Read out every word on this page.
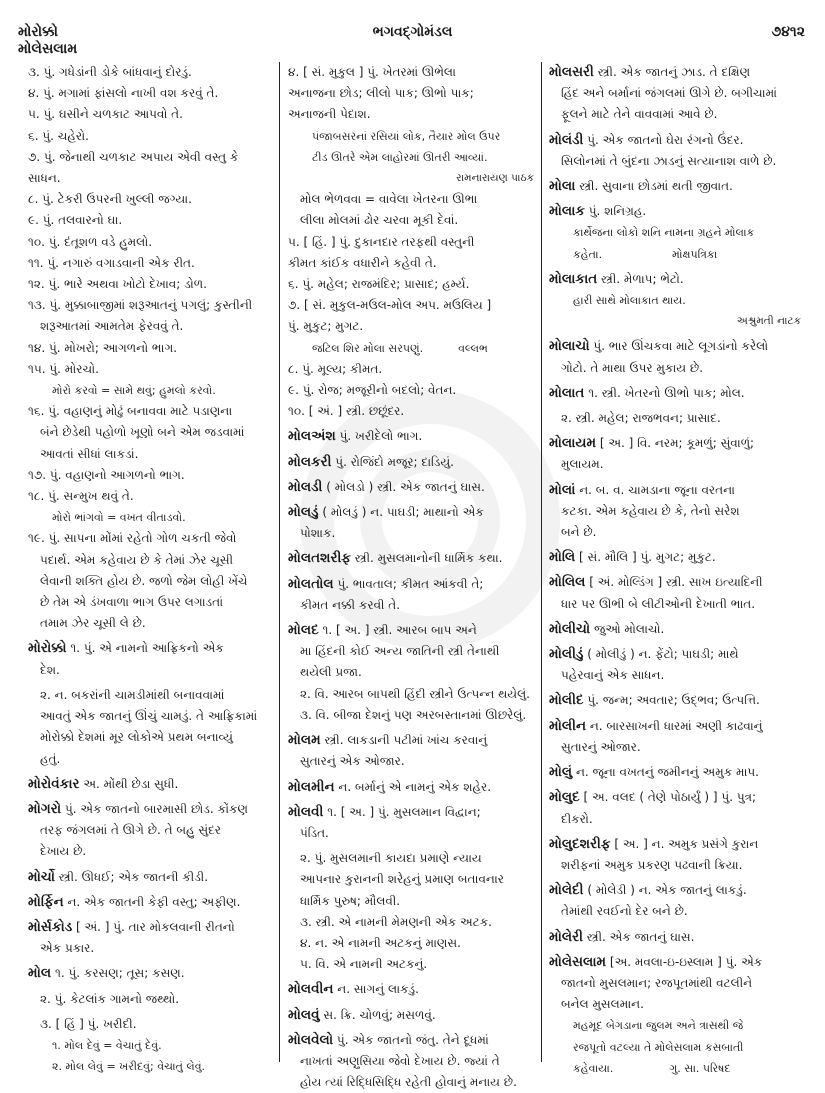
મોરોક્કો
મોલેસલામ
ભગવદ્ગોમંડલ	૭૪૧૨
૩. પું. ગધેડાંની ડોકે બાંધવાનું દોરડું.
૪. પું. મગામાં ફાંસલો નાખી વશ કરવું તે.
૫. પું. ઘસીને ચળકાટ આપવો તે.
૬. પું. ચહેરો.
૭. પું. જેનાથી ચળકાટ અપાય એવી વસ્તુ કે
સાધન.
૮. પું. ટેકરી ઉપરની ખુલ્લી જગ્યા.
૯. પું. તલવારનો ઘા.
૧૦. પું. દંતૂશળ વડે હુમલો.
૧૧. પું. નગારું વગાડવાની એક રીત.
૧૨. પું. ભારે અથવા ખોટો દેખાવ; ડોળ.
૧૩. પું. મુક્કાબાજીમાં શરૂઆતનું પગલું; કુસ્તીની
શરૂઆતમાં આમતેમ ફેરવવું તે.
૧૪. પું. મોખરો; આગળનો ભાગ.
૧૫. પું. મોરચો.
મોરો કરવો = સામે થવું; હુમલો કરવો.
૧૬. પું. વહાણનું મોઢું બનાવવા માટે પડાણના
બંને છેડેથી પહોળો ખૂણો બને એમ જડવામાં
આવતાં સીધાં લાકડાં.
૧૭. પું. વહાણનો આગળનો ભાગ.
૧૮. પું. સન્મુખ થવું તે.
મોરો ભાંગવો = વખત વીતાડવો.
૧૯. પું. સાપના મોંમાં રહેતો ગોળ ચકતી જેવો
પદાર્થ. એમ કહેવાય છે કે તેમાં ઝેર ચૂસી
લેવાની શક્તિ હોય છે. જળો જેમ લોહી ખેંચે
છે તેમ એ ડંખવાળા ભાગ ઉપર લગાડતાં
તમામ ઝેર ચૂસી લે છે.
મોરોક્કો ૧. પું. એ નામનો આફ્રિકનો એક
દેશ.
૨. ન. બકરાંની ચામડીમાંથી બનાવવામાં
આવતું એક જાતનું ઊંચું ચામડું. તે આફ્રિકામાં
મોરોક્કો દેશમાં મૂર લોકોએ પ્રથમ બનાવ્યું
હતું.
મોરોવંકાર અ. મોંથી છેડા સુધી.
મોગરો પું. એક જાતનો બારમાસી છોડ. કોંકણ
તરફ જંગલમાં તે ઊગે છે. તે બહુ સુંદર
દેખાય છે.
મોર્ચો સ્ત્રી. ઊધઈ; એક જાતની કીડી.
મોર્ફિન ન. એક જાતની કેફી વસ્તુ; અફીણ.
મોર્સકોડ [ અં. ] પું. તાર મોકલવાની રીતનો
એક પ્રકાર.
મોલ ૧. પું. કરસણ; તૂસ; કસણ.
૨. પું. કેટલાંક ગામનો જથ્થો.
૩. [ હિં ] પું. ખરીદી.
૧. મોલ દેવું = વેચાતું દેવું.
૨. મોલ લેવું = ખરીદવું; વેચાતું લેવું.
૪. [ સં. મુકુલ ] પું. ખેતરમાં ઊભેલા
અનાજના છોડ; લીલો પાક; ઊભો પાક;
અનાજની પેદાશ.
પંજાબસરનાં રસિયાં લોક, તૈયાર મોલ ઉપર
ટીડ ઊતરે એમ લાહોરમાં ઊતરી આવ્યાં.
રામનારાયણ પાઠક
મોલ ભેળવવા = વાવેલા ખેતરના ઊભા
લીલા મોલમાં ઢોર ચરવા મૂકી દેવાં.
૫. [ હિં. ] પું. દુકાનદાર તરફથી વસ્તુની
કીમત કાંઈક વધારીને કહેવી તે.
૬. પું. મહેલ; રાજમંદિર; પ્રાસાદ; હર્મ્ય.
૭. [ સં. મુકુલ-મઉલ-મોલ અપ. મઉલિય ]
પું. મુકુટ; મુગટ.
જટિલ શિર મોલા સરપણું.          વલ્લભ
૮. પું. મૂલ્ય; કીમત.
૯. પું. રોજ; મજૂરીનો બદલો; વેતન.
૧૦. [ અં. ] સ્ત્રી. છછૂંદર.
મોલઅંશ પું. ખરીદેલો ભાગ.
મોલકરી પું. રોજિંદો મજૂર; દાડિયું.
મોલડી ( મોલડો ) સ્ત્રી. એક જાતનું ઘાસ.
મોલડું ( મોલડું ) ન. પાઘડી; માથાનો એક
પોશાક.
મોલતશરીફ સ્ત્રી. મુસલમાનોની ધાર્મિક કથા.
મોલતોલ પું. ભાવતાલ; કીમત આંકવી તે;
કીમત નક્કી કરવી તે.
મોલદ ૧. [ અ. ] સ્ત્રી. આરબ બાપ અને
મા હિંદની કોઈ અન્ય જાતિની સ્ત્રી તેનાથી
થયેલી પ્રજા.
૨. વિ. આરબ બાપથી હિંદી સ્ત્રીને ઉત્પન્ન થયેલું.
૩. વિ. બીજા દેશનું પણ અરબસ્તાનમાં ઊછરેલું.
મોલમ સ્ત્રી. લાકડાની પટીમાં ખાંચ કરવાનું
સુતારનું એક ઓજાર.
મોલમીન ન. બર્માનું એ નામનું એક શહેર.
મોલવી ૧. [ અ. ] પું. મુસલમાન વિદ્વાન;
પંડિત.
૨. પું. મુસલમાની કાયદા પ્રમાણે ન્યાય
આપનાર કુરાનની શરેહનું પ્રમાણ બતાવનાર
ધાર્મિક પુરુષ; મૌલવી.
૩. સ્ત્રી. એ નામની મેમણની એક અટક.
૪. ન. એ નામની અટકનું માણસ.
૫. વિ. એ નામની અટકનું.
મોલવીન ન. સાગનું લાકડું.
મોલવું સ. ક્રિ. ચોળવું; મસળવું.
મોલવેલો પું. એક જાતનો જંતુ. તેને દૂધમાં
નાખતાં અણુસિયા જેવો દેખાય છે. જ્યાં તે
હોય ત્યાં રિદ્ધિસિદ્ધિ રહેતી હોવાનું મનાય છે.
મોલસરી સ્ત્રી. એક જાતનું ઝાડ. તે દક્ષિણ
હિંદ અને બર્માનાં જંગલમાં ઊગે છે. બગીચામાં
ફૂલને માટે તેને વાવવામાં આવે છે.
મોલંડી પું. એક જાતનો ઘેરા રંગનો ઉંદર.
સિલોનમાં તે બુંદના ઝાડનું સત્યાનાશ વાળે છે.
મોલા સ્ત્રી. સુવાના છોડમાં થતી જીવાત.
મોલાક પું. શનિગ્રહ.
કાર્થેજના લોકો શનિ નામના ગ્રહને મોલાક
કહેતા.                    મોક્ષપત્રિકા
મોલાકાત સ્ત્રી. મેળાપ; ભેટો.
હારી સાથે મોલાકાત થાય.
અશ્રુમતી નાટક
મોલાચો પું. ભાર ઊંચકવા માટે લૂગડાંનો કરેલો
ગોટો. તે માથા ઉપર મુકાય છે.
મોલાત ૧. સ્ત્રી. ખેતરનો ઊભો પાક; મોલ.
૨. સ્ત્રી. મહેલ; રાજભવન; પ્રાસાદ.
મોલાયમ [ અ. ] વિ. નરમ; કૂમળું; સુંવાળું;
મુલાયમ.
મોલાં ન. બ. વ. ચામડાના જૂના વરતના
કટકા. એમ કહેવાય છે કે, તેનો સરેશ
બને છે.
મોલિ [ સં. મૌલિ ] પું. મુગટ; મુકુટ.
મોલિલ [ અં. મોલ્ડિંગ ] સ્ત્રી. સાખ ઇત્યાદિની
ધાર પર ઊભી બે લીટીઓની દેખાતી ભાત.
મોલીચો જુઓ મોલાચો.
મોલીડું ( મોલીડું ) ન. ફેંટો; પાઘડી; માથે
પહેરવાનું એક સાધન.
મોલીદ પું. જન્મ; અવતાર; ઉદ્ભવ; ઉત્પત્તિ.
મોલીન ન. બારસાખની ધારમાં અણી કાઢવાનું
સુતારનું ઓજાર.
મોલું ન. જૂના વખતનું જમીનનું અમુક માપ.
મોલુદ [ અ. વલદ ( તેણે પોઠાર્યું ) ] પું. પુત્ર;
દીકરો.
મોલુદશરીફ [ અ. ] ન. અમુક પ્રસંગે કુરાન
શરીફનાં અમુક પ્રકરણ પઢવાની ક્રિયા.
મોલેદી ( મોલેડી ) ન. એક જાતનું લાકડું.
તેમાંથી રવઈનો દેર બને છે.
મોલેરી સ્ત્રી. એક જાતનું ઘાસ.
મોલેસલામ [અ. મવલા-ઇ-ઇસ્લામ ] પું. એક
જાતનો મુસલમાન; રજપૂતમાંથી વટલીને
બનેલ મુસલમાન.
મહમૂદ બેગડાના જુલમ અને ત્રાસથી જે
રજપૂતો વટલ્યા તે મોલેસલામ કસબાતી
કહેવાયા.                ગુ. સા. પરિષદ
